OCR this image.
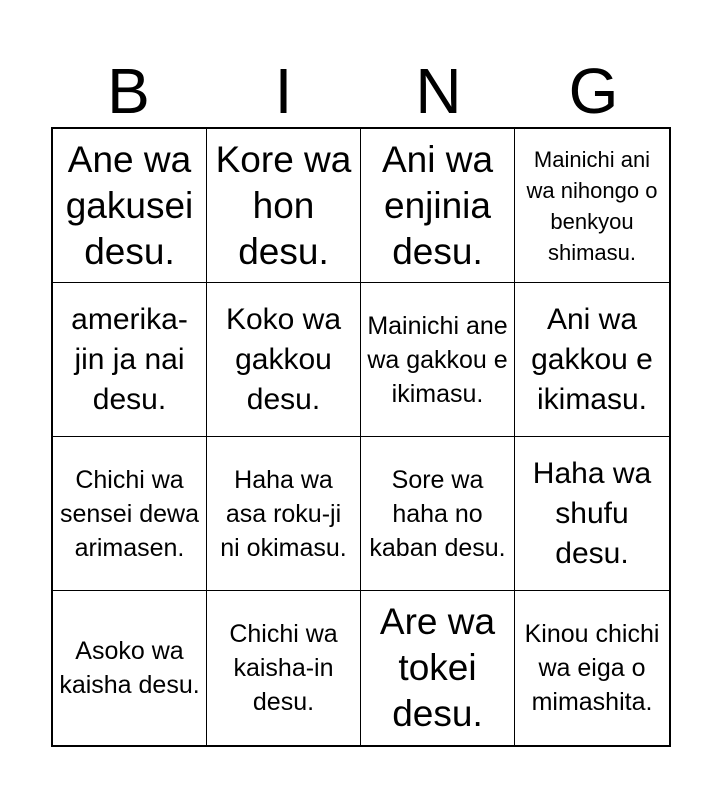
B	I	N	G
Ane wa gakusei desu.
Kore wa hon desu.
Ani wa enjinia desu.
Mainichi ani wa nihongo o benkyou shimasu.
amerika-jin ja nai desu.
Koko wa gakkou desu.
Mainichi ane wa gakkou e ikimasu.
Ani wa gakkou e ikimasu.
Chichi wa sensei dewa arimasen.
Haha wa asa roku-ji ni okimasu.
Sore wa haha no kaban desu.
Haha wa shufu desu.
Asoko wa kaisha desu.
Chichi wa kaisha-in desu.
Are wa tokei desu.
Kinou chichi wa eiga o mimashita.
